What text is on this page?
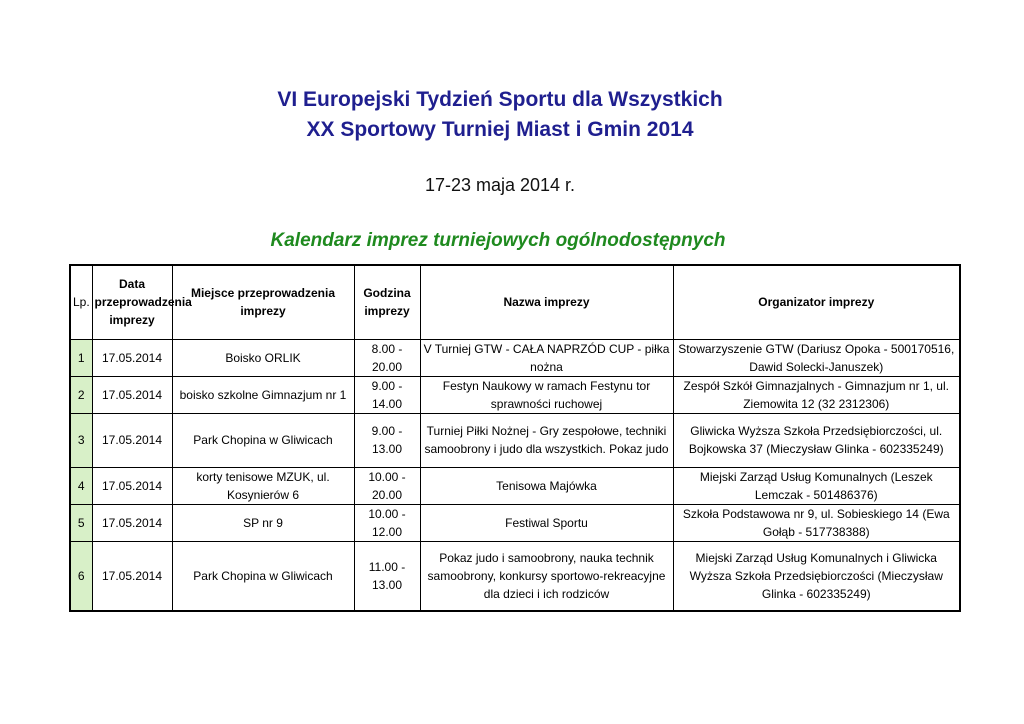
VI Europejski Tydzień Sportu dla Wszystkich
XX Sportowy Turniej Miast i Gmin 2014
17-23 maja 2014 r.
Kalendarz imprez turniejowych ogólnodostępnych
Lp.	Data przeprowadzenia imprezy	Miejsce przeprowadzenia imprezy	Godzina imprezy	Nazwa imprezy	Organizator imprezy
1	17.05.2014	Boisko ORLIK	8.00 - 20.00	V Turniej GTW - CAŁA NAPRZÓD CUP - piłka nożna	Stowarzyszenie GTW (Dariusz Opoka - 500170516, Dawid Solecki-Januszek)
2	17.05.2014	boisko szkolne Gimnazjum nr 1	9.00 - 14.00	Festyn Naukowy w ramach Festynu tor sprawności ruchowej	Zespół Szkół Gimnazjalnych - Gimnazjum nr 1, ul. Ziemowita 12 (32 2312306)
3	17.05.2014	Park Chopina w Gliwicach	9.00 - 13.00	Turniej Piłki Nożnej - Gry zespołowe, techniki samoobrony i judo dla wszystkich. Pokaz judo	Gliwicka Wyższa Szkoła Przedsiębiorczości, ul. Bojkowska 37 (Mieczysław Glinka - 602335249)
4	17.05.2014	korty tenisowe MZUK, ul. Kosynierów 6	10.00 - 20.00	Tenisowa Majówka	Miejski Zarząd Usług Komunalnych (Leszek Lemczak - 501486376)
5	17.05.2014	SP nr 9	10.00 - 12.00	Festiwal Sportu	Szkoła Podstawowa nr 9, ul. Sobieskiego 14 (Ewa Gołąb - 517738388)
6	17.05.2014	Park Chopina w Gliwicach	11.00 - 13.00	Pokaz judo i samoobrony, nauka technik samoobrony, konkursy sportowo-rekreacyjne dla dzieci i ich rodziców	Miejski Zarząd Usług Komunalnych i Gliwicka Wyższa Szkoła Przedsiębiorczości (Mieczysław Glinka - 602335249)
